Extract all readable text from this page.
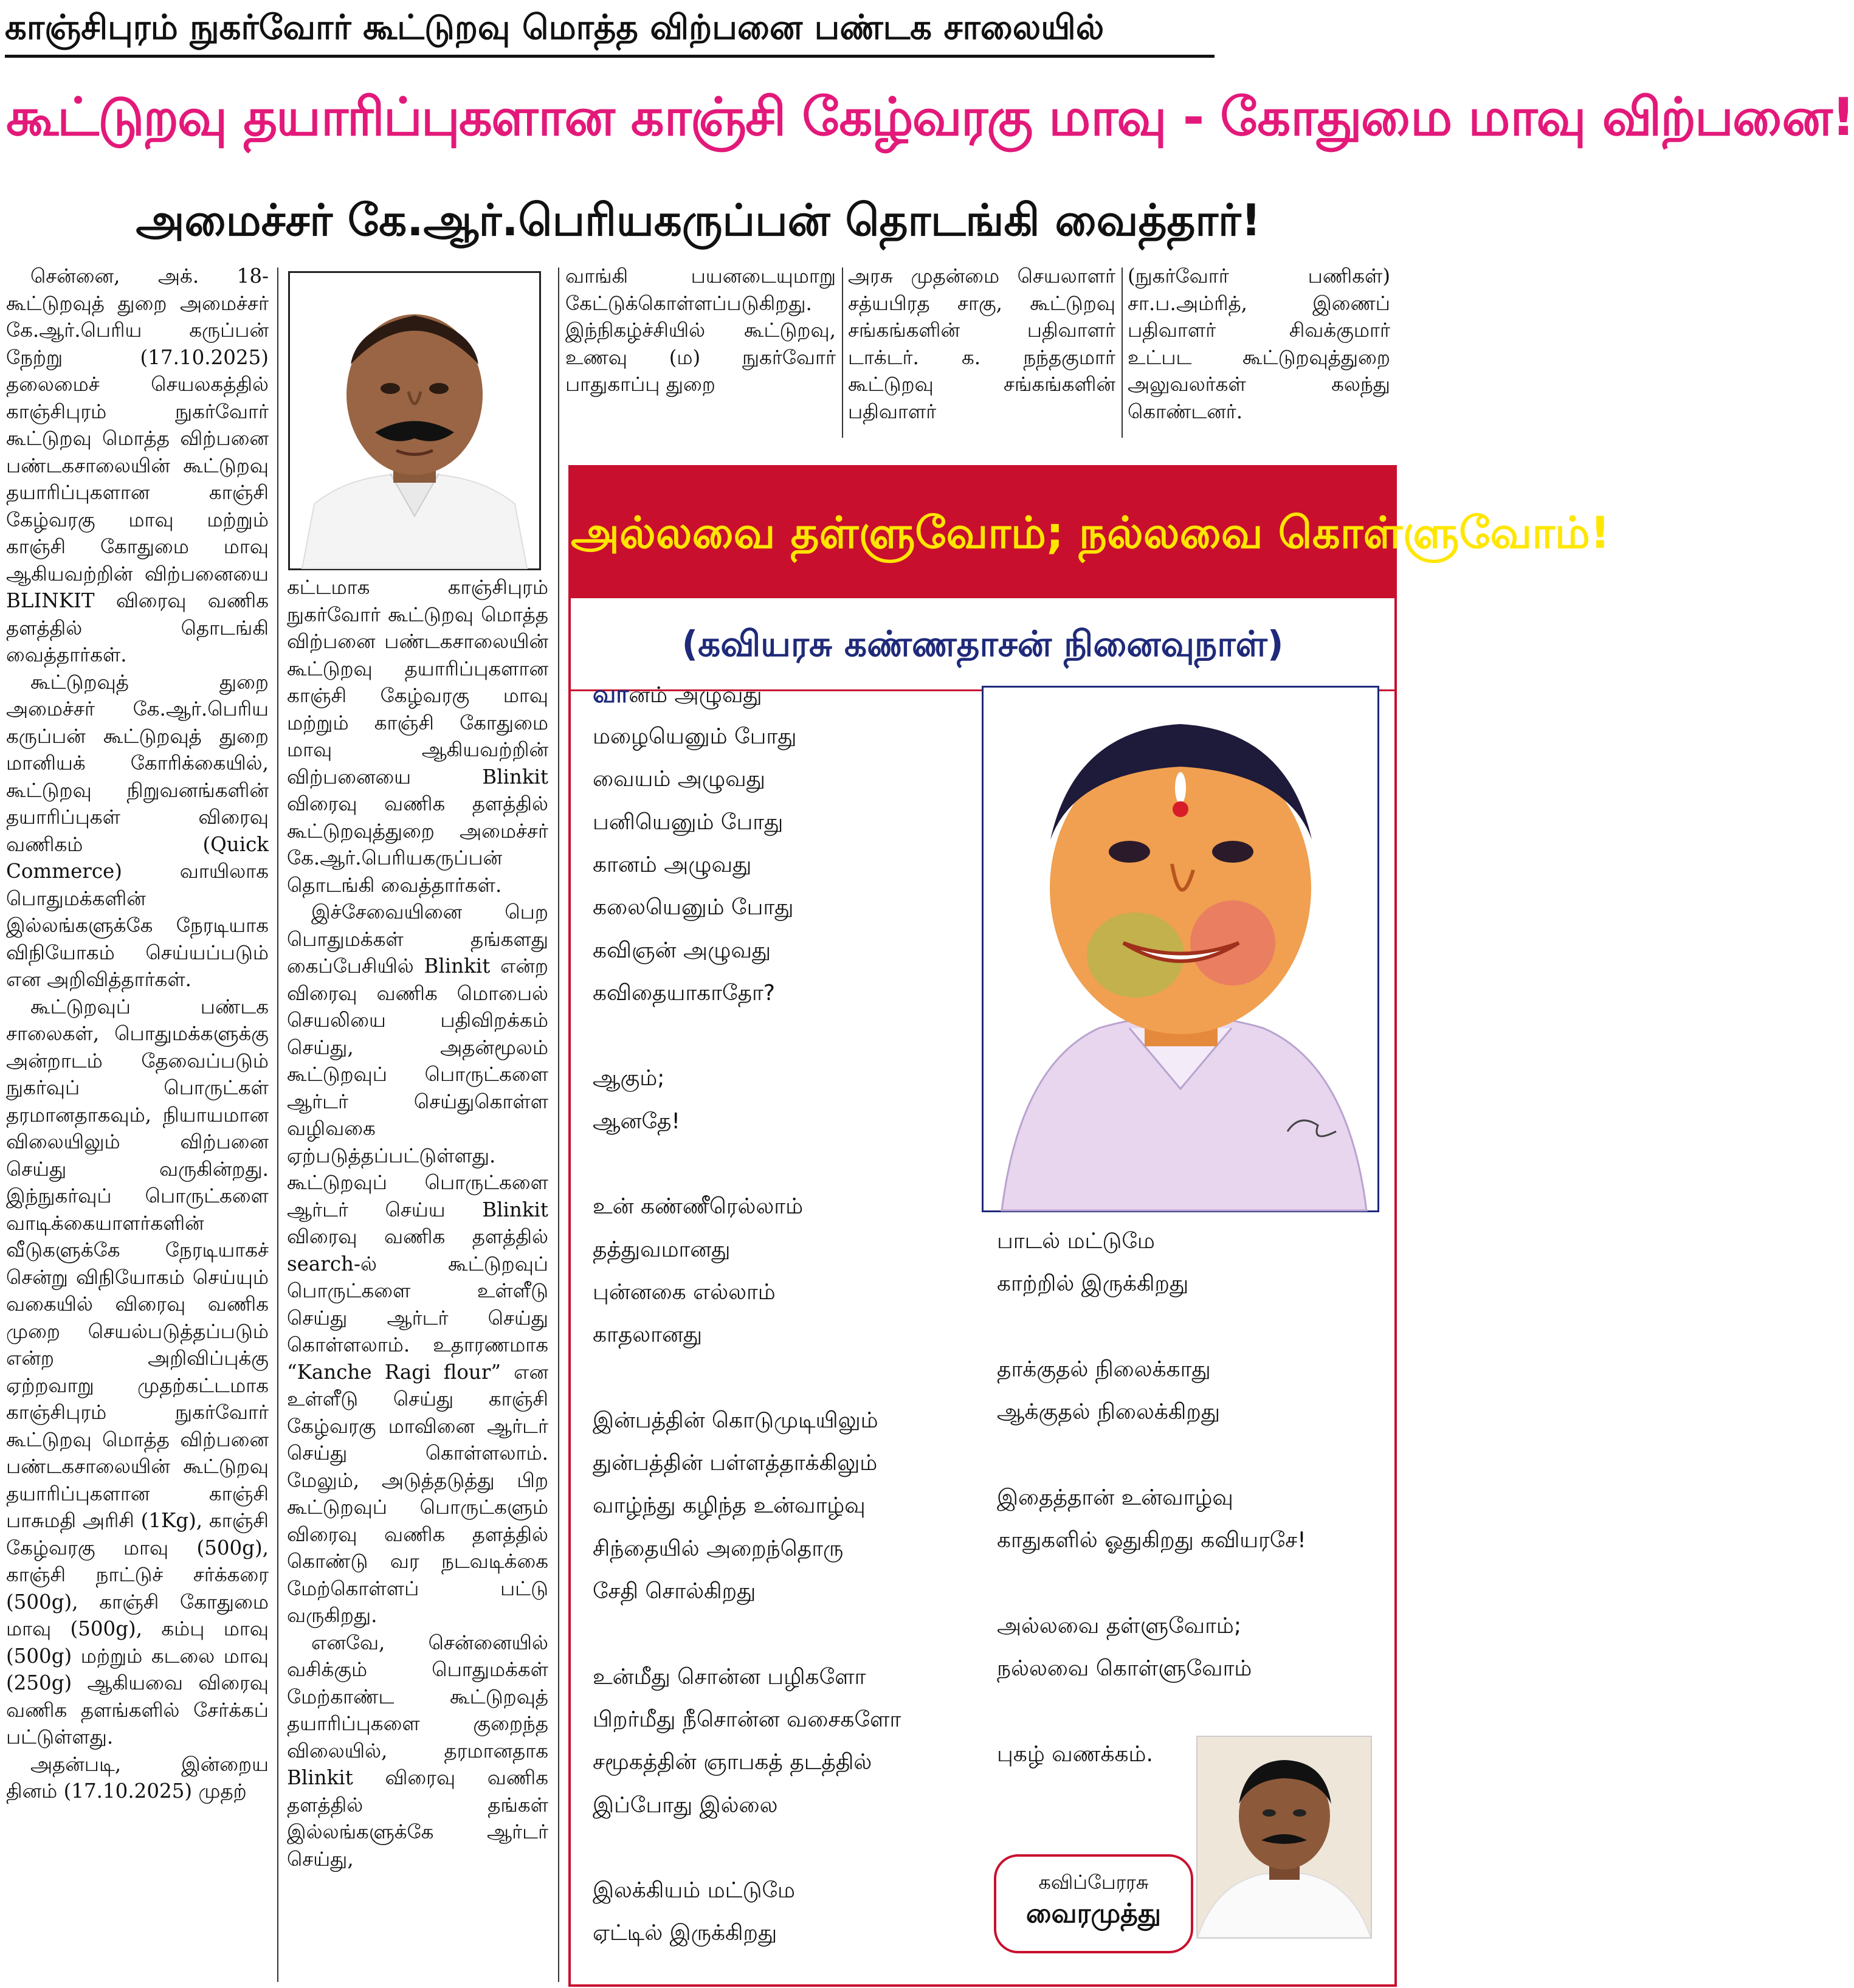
காஞ்சிபுரம் நுகர்வோர் கூட்டுறவு மொத்த விற்பனை பண்டக சாலையில்
கூட்டுறவு தயாரிப்புகளான காஞ்சி கேழ்வரகு மாவு - கோதுமை மாவு விற்பனை!
அமைச்சர் கே.ஆர்.பெரியகருப்பன் தொடங்கி வைத்தார்!

சென்னை, அக். 18- கூட்டுறவுத் துறை அமைச்சர் கே.ஆர்.பெரிய கருப்பன் நேற்று (17.10.2025) தலைமைச் செயலகத்தில் காஞ்சிபுரம் நுகர்வோர் கூட்டுறவு மொத்த விற்பனை பண்டகசாலையின் கூட்டுறவு தயாரிப்புகளான காஞ்சி கேழ்வரகு மாவு மற்றும் காஞ்சி கோதுமை மாவு ஆகியவற்றின் விற்பனையை BLINKIT விரைவு வணிக தளத்தில் தொடங்கி வைத்தார்கள்.

கூட்டுறவுத் துறை அமைச்சர் கே.ஆர்.பெரிய கருப்பன் கூட்டுறவுத் துறை மானியக் கோரிக்கையில், கூட்டுறவு நிறுவனங்களின் தயாரிப்புகள் விரைவு வணிகம் (Quick Commerce) வாயிலாக பொதுமக்களின் இல்லங்களுக்கே நேரடியாக விநியோகம் செய்யப்படும் என அறிவித்தார்கள்.

கூட்டுறவுப் பண்டக சாலைகள், பொதுமக்களுக்கு அன்றாடம் தேவைப்படும் நுகர்வுப் பொருட்கள் தரமானதாகவும், நியாயமான விலையிலும் விற்பனை செய்து வருகின்றது. இந்நுகர்வுப் பொருட்களை வாடிக்கையாளர்களின் வீடுகளுக்கே நேரடியாகச் சென்று விநியோகம் செய்யும் வகையில் விரைவு வணிக முறை செயல்படுத்தப்படும் என்ற அறிவிப்புக்கு ஏற்றவாறு முதற்கட்டமாக காஞ்சிபுரம் நுகர்வோர் கூட்டுறவு மொத்த விற்பனை பண்டகசாலையின் கூட்டுறவு தயாரிப்புகளான காஞ்சி பாசுமதி அரிசி (1Kg), காஞ்சி கேழ்வரகு மாவு (500g), காஞ்சி நாட்டுச் சர்க்கரை (500g), காஞ்சி கோதுமை மாவு (500g), கம்பு மாவு (500g) மற்றும் கடலை மாவு (250g) ஆகியவை விரைவு வணிக தளங்களில் சேர்க்கப் பட்டுள்ளது.

அதன்படி, இன்றைய தினம் (17.10.2025) முதற்

கட்டமாக காஞ்சிபுரம் நுகர்வோர் கூட்டுறவு மொத்த விற்பனை பண்டகசாலையின் கூட்டுறவு தயாரிப்புகளான காஞ்சி கேழ்வரகு மாவு மற்றும் காஞ்சி கோதுமை மாவு ஆகியவற்றின் விற்பனையை Blinkit விரைவு வணிக தளத்தில் கூட்டுறவுத்துறை அமைச்சர் கே.ஆர்.பெரியகருப்பன் தொடங்கி வைத்தார்கள்.

இச்சேவையினை பெற பொதுமக்கள் தங்களது கைப்பேசியில் Blinkit என்ற விரைவு வணிக மொபைல் செயலியை பதிவிறக்கம் செய்து, அதன்மூலம் கூட்டுறவுப் பொருட்களை ஆர்டர் செய்துகொள்ள வழிவகை ஏற்படுத்தப்பட்டுள்ளது. கூட்டுறவுப் பொருட்களை ஆர்டர் செய்ய Blinkit விரைவு வணிக தளத்தில் search-ல் கூட்டுறவுப் பொருட்களை உள்ளீடு செய்து ஆர்டர் செய்து கொள்ளலாம். உதாரணமாக “Kanche Ragi flour” என உள்ளீடு செய்து காஞ்சி கேழ்வரகு மாவினை ஆர்டர் செய்து கொள்ளலாம். மேலும், அடுத்தடுத்து பிற கூட்டுறவுப் பொருட்களும் விரைவு வணிக தளத்தில் கொண்டு வர நடவடிக்கை மேற்கொள்ளப் பட்டு வருகிறது.

எனவே, சென்னையில் வசிக்கும் பொதுமக்கள் மேற்காண்ட கூட்டுறவுத் தயாரிப்புகளை குறைந்த விலையில், தரமானதாக Blinkit விரைவு வணிக தளத்தில் தங்கள் இல்லங்களுக்கே ஆர்டர் செய்து,

வாங்கி பயனடையுமாறு கேட்டுக்கொள்ளப்படுகிறது. இந்நிகழ்ச்சியில் கூட்டுறவு, உணவு (ம) நுகர்வோர் பாதுகாப்பு துறை

அரசு முதன்மை செயலாளர் சத்யபிரத சாகு, கூட்டுறவு சங்கங்களின் பதிவாளர் டாக்டர். க. நந்தகுமார் கூட்டுறவு சங்கங்களின் பதிவாளர்

(நுகர்வோர் பணிகள்) சா.ப.அம்ரித், இணைப் பதிவாளர் சிவக்குமார் உட்பட கூட்டுறவுத்துறை அலுவலர்கள் கலந்து கொண்டனர்.

அல்லவை தள்ளுவோம்; நல்லவை கொள்ளுவோம்!
(கவியரசு கண்ணதாசன் நினைவுநாள்)
வானம் அழுவது
மழையெனும் போது
வையம் அழுவது
பனியெனும் போது
கானம் அழுவது
கலையெனும் போது
கவிஞன் அழுவது
கவிதையாகாதோ?
ஆகும்;
ஆனதே!
உன் கண்ணீரெல்லாம்
தத்துவமானது
புன்னகை எல்லாம்
காதலானது
இன்பத்தின் கொடுமுடியிலும்
துன்பத்தின் பள்ளத்தாக்கிலும்
வாழ்ந்து கழிந்த உன்வாழ்வு
சிந்தையில் அறைந்தொரு
சேதி சொல்கிறது
உன்மீது சொன்ன பழிகளோ
பிறர்மீது நீசொன்ன வசைகளோ
சமூகத்தின் ஞாபகத் தடத்தில்
இப்போது இல்லை
இலக்கியம் மட்டுமே
ஏட்டில் இருக்கிறது
பாடல் மட்டுமே
காற்றில் இருக்கிறது
தாக்குதல் நிலைக்காது
ஆக்குதல் நிலைக்கிறது
இதைத்தான் உன்வாழ்வு
காதுகளில் ஓதுகிறது கவியரசே!
அல்லவை தள்ளுவோம்;
நல்லவை கொள்ளுவோம்
புகழ் வணக்கம்.
கவிப்பேரரசு
வைரமுத்து
